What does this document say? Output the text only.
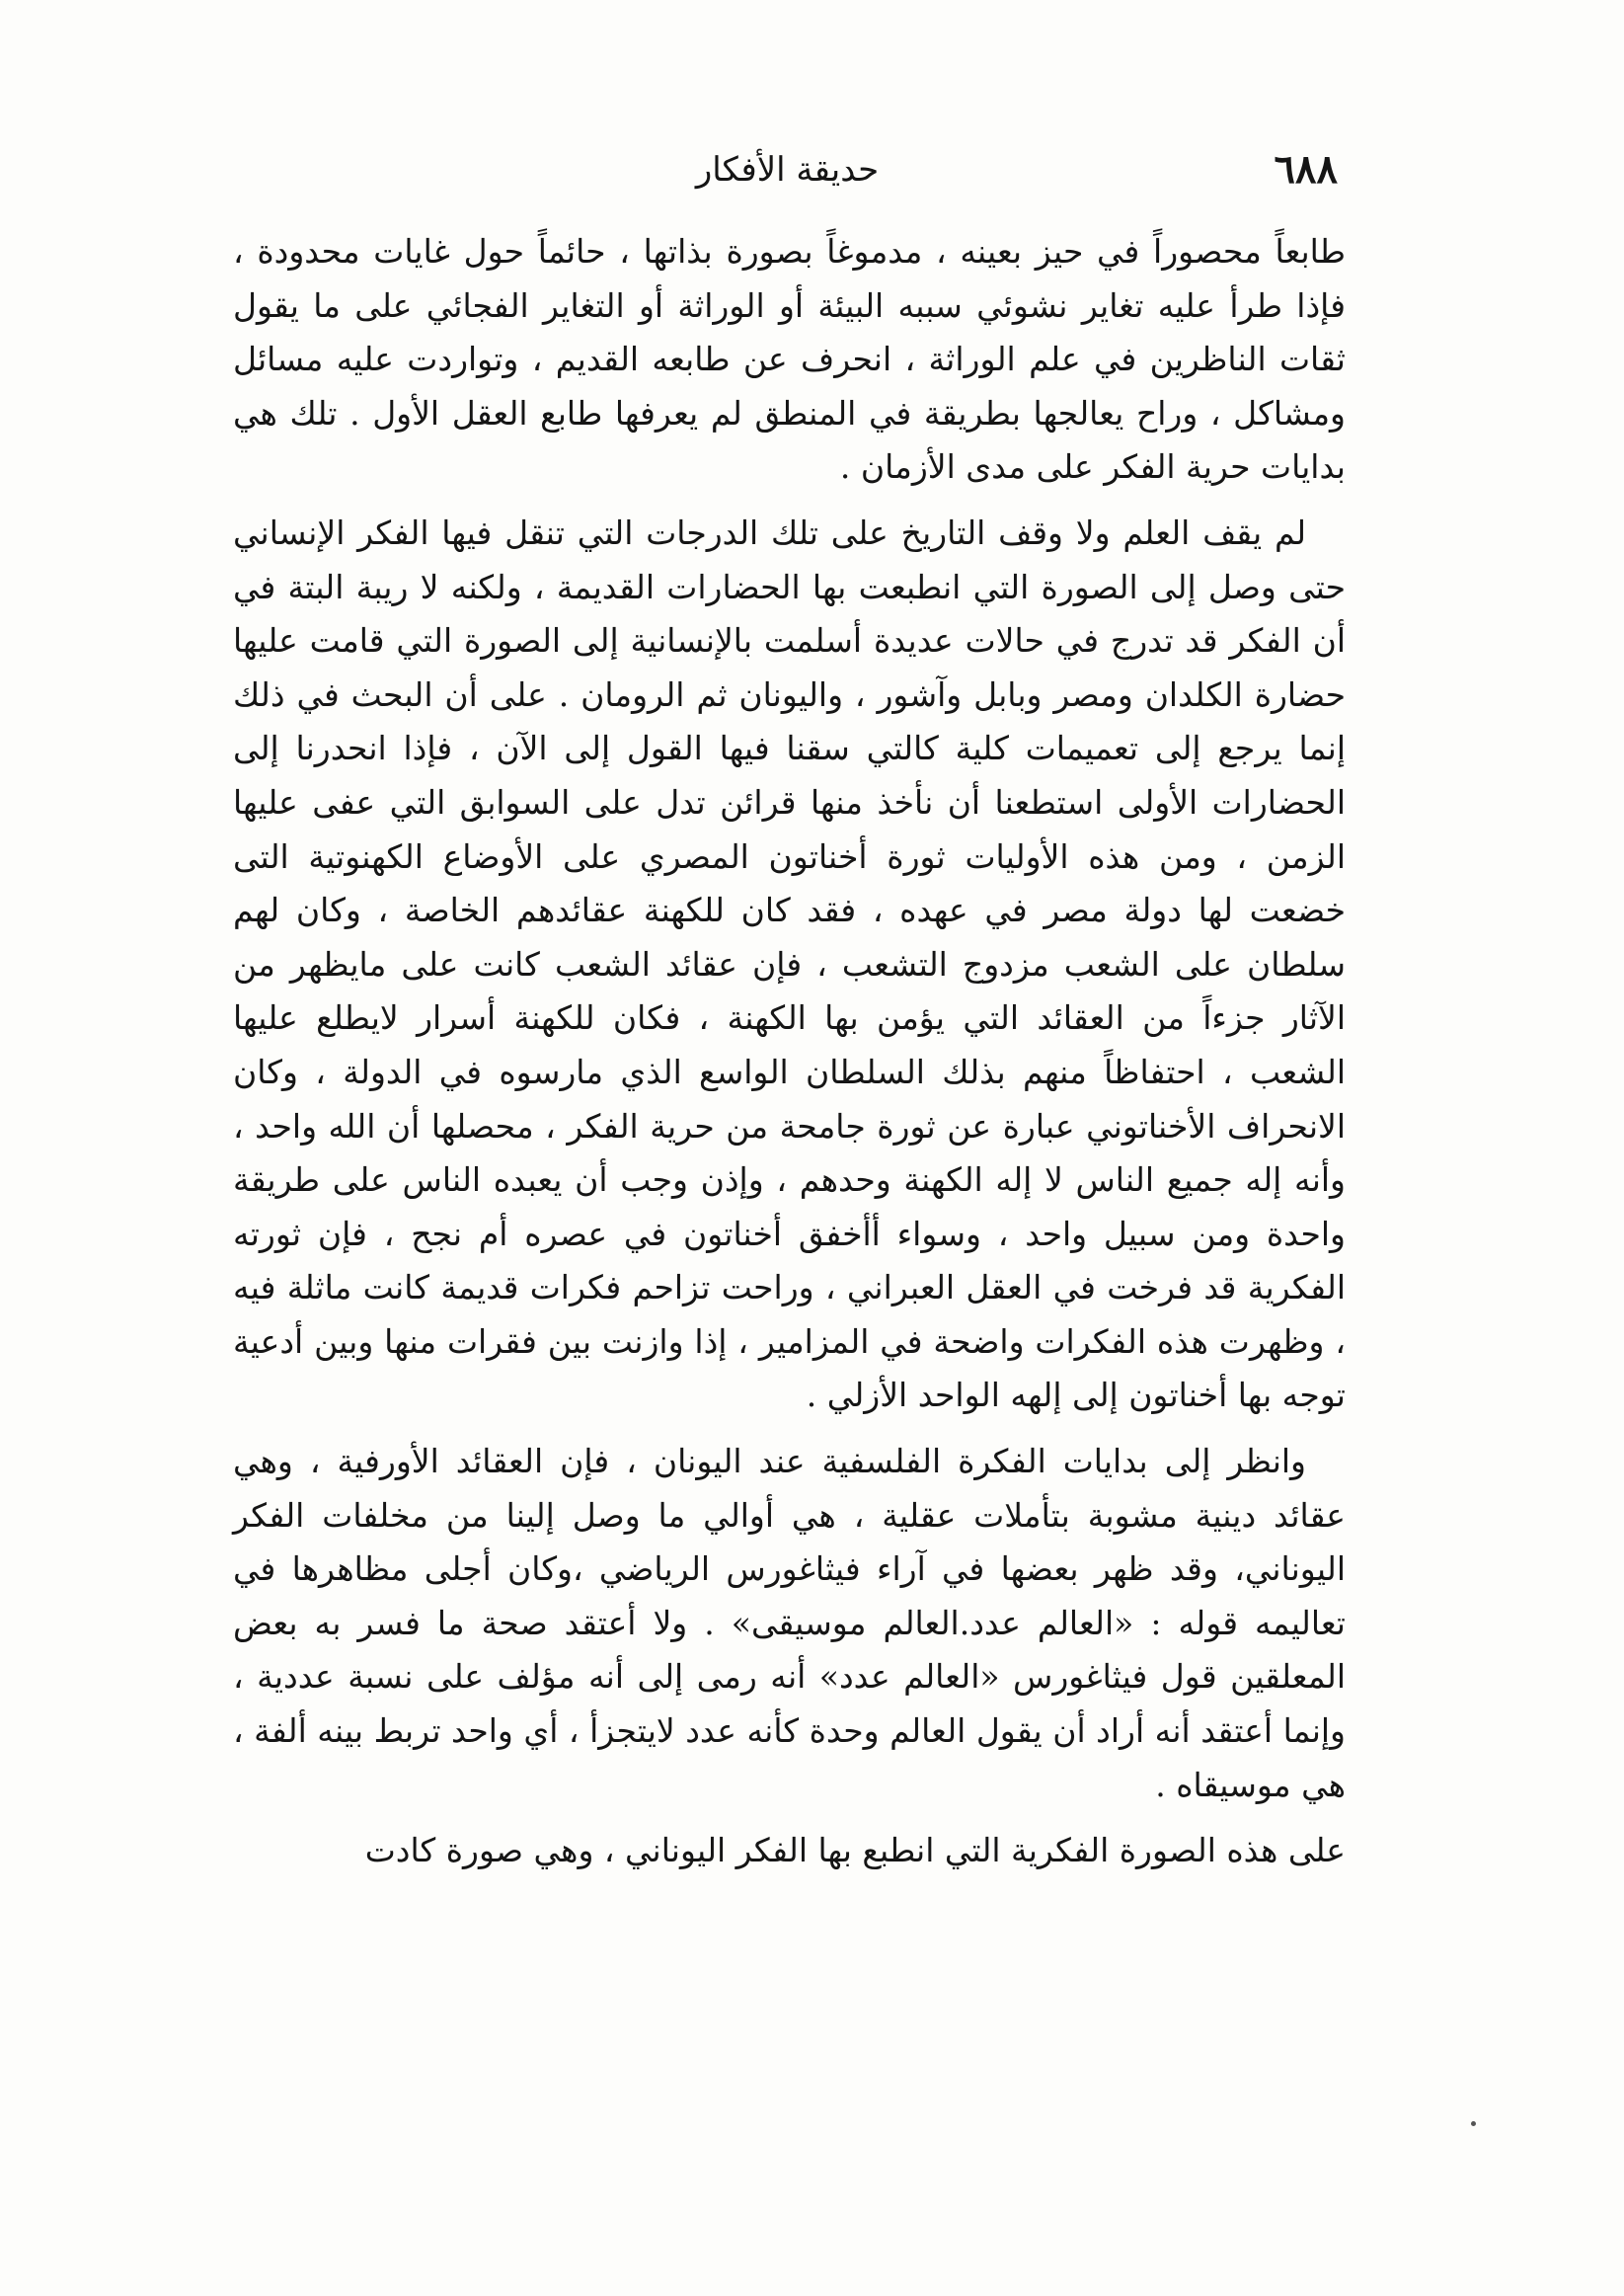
٦٨٨
حديقة الأفكار

طابعاً محصوراً في حيز بعينه ، مدموغاً بصورة بذاتها ، حائماً حول غايات محدودة ، فإذا طرأ عليه تغاير نشوئي سببه البيئة أو الوراثة أو التغاير الفجائي على ما يقول ثقات الناظرين في علم الوراثة ، انحرف عن طابعه القديم ، وتواردت عليه مسائل ومشاكل ، وراح يعالجها بطريقة في المنطق لم يعرفها طابع العقل الأول . تلك هي بدايات حرية الفكر على مدى الأزمان .

لم يقف العلم ولا وقف التاريخ على تلك الدرجات التي تنقل فيها الفكر الإنساني حتى وصل إلى الصورة التي انطبعت بها الحضارات القديمة ، ولكنه لا ريبة البتة في أن الفكر قد تدرج في حالات عديدة أسلمت بالإنسانية إلى الصورة التي قامت عليها حضارة الكلدان ومصر وبابل وآشور ، واليونان ثم الرومان . على أن البحث في ذلك إنما يرجع إلى تعميمات كلية كالتي سقنا فيها القول إلى الآن ، فإذا انحدرنا إلى الحضارات الأولى استطعنا أن نأخذ منها قرائن تدل على السوابق التي عفى عليها الزمن ، ومن هذه الأوليات ثورة أخناتون المصري على الأوضاع الكهنوتية التى خضعت لها دولة مصر في عهده ، فقد كان للكهنة عقائدهم الخاصة ، وكان لهم سلطان على الشعب مزدوج التشعب ، فإن عقائد الشعب كانت على مايظهر من الآثار جزءاً من العقائد التي يؤمن بها الكهنة ، فكان للكهنة أسرار لايطلع عليها الشعب ، احتفاظاً منهم بذلك السلطان الواسع الذي مارسوه في الدولة ، وكان الانحراف الأخناتوني عبارة عن ثورة جامحة من حرية الفكر ، محصلها أن الله واحد ، وأنه إله جميع الناس لا إله الكهنة وحدهم ، وإذن وجب أن يعبده الناس على طريقة واحدة ومن سبيل واحد ، وسواء أأخفق أخناتون في عصره أم نجح ، فإن ثورته الفكرية قد فرخت في العقل العبراني ، وراحت تزاحم فكرات قديمة كانت ماثلة فيه ، وظهرت هذه الفكرات واضحة في المزامير ، إذا وازنت بين فقرات منها وبين أدعية توجه بها أخناتون إلى إلهه الواحد الأزلي .

وانظر إلى بدايات الفكرة الفلسفية عند اليونان ، فإن العقائد الأورفية ، وهي عقائد دينية مشوبة بتأملات عقلية ، هي أوالي ما وصل إلينا من مخلفات الفكر اليوناني، وقد ظهر بعضها في آراء فيثاغورس الرياضي ،وكان أجلى مظاهرها في تعاليمه قوله : «العالم عدد.العالم موسيقى» . ولا أعتقد صحة ما فسر به بعض المعلقين قول فيثاغورس «العالم عدد» أنه رمى إلى أنه مؤلف على نسبة عددية ، وإنما أعتقد أنه أراد أن يقول العالم وحدة كأنه عدد لايتجزأ ، أي واحد تربط بينه ألفة ، هي موسيقاه .

على هذه الصورة الفكرية التي انطبع بها الفكر اليوناني ، وهي صورة كادت
